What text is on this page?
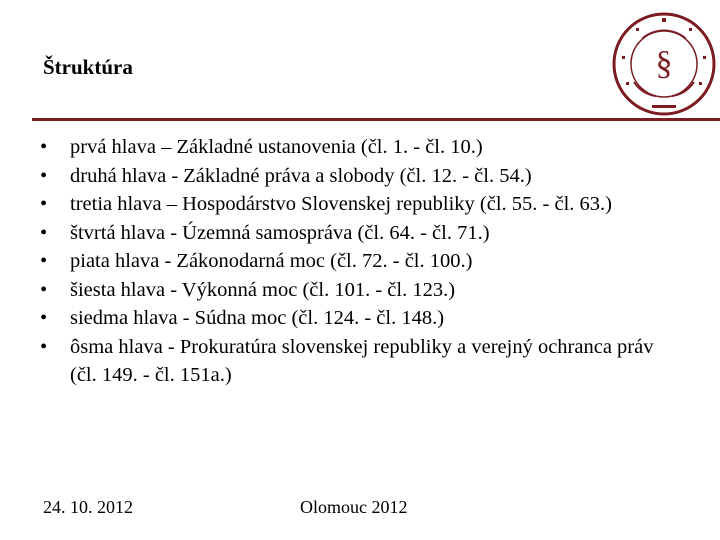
Štruktúra	§
•	prvá hlava – Základné ustanovenia (čl. 1. - čl. 10.)
•	druhá hlava - Základné práva a slobody (čl. 12. - čl. 54.)
•	tretia hlava – Hospodárstvo Slovenskej republiky (čl. 55. - čl. 63.)
•	štvrtá hlava - Územná samospráva (čl. 64. - čl. 71.)
•	piata hlava - Zákonodarná moc (čl. 72. - čl. 100.)
•	šiesta hlava - Výkonná moc (čl. 101. - čl. 123.)
•	siedma hlava - Súdna moc (čl. 124. - čl. 148.)
•	ôsma hlava - Prokuratúra slovenskej republiky a verejný ochranca práv (čl. 149. - čl. 151a.)
24. 10. 2012	Olomouc 2012
